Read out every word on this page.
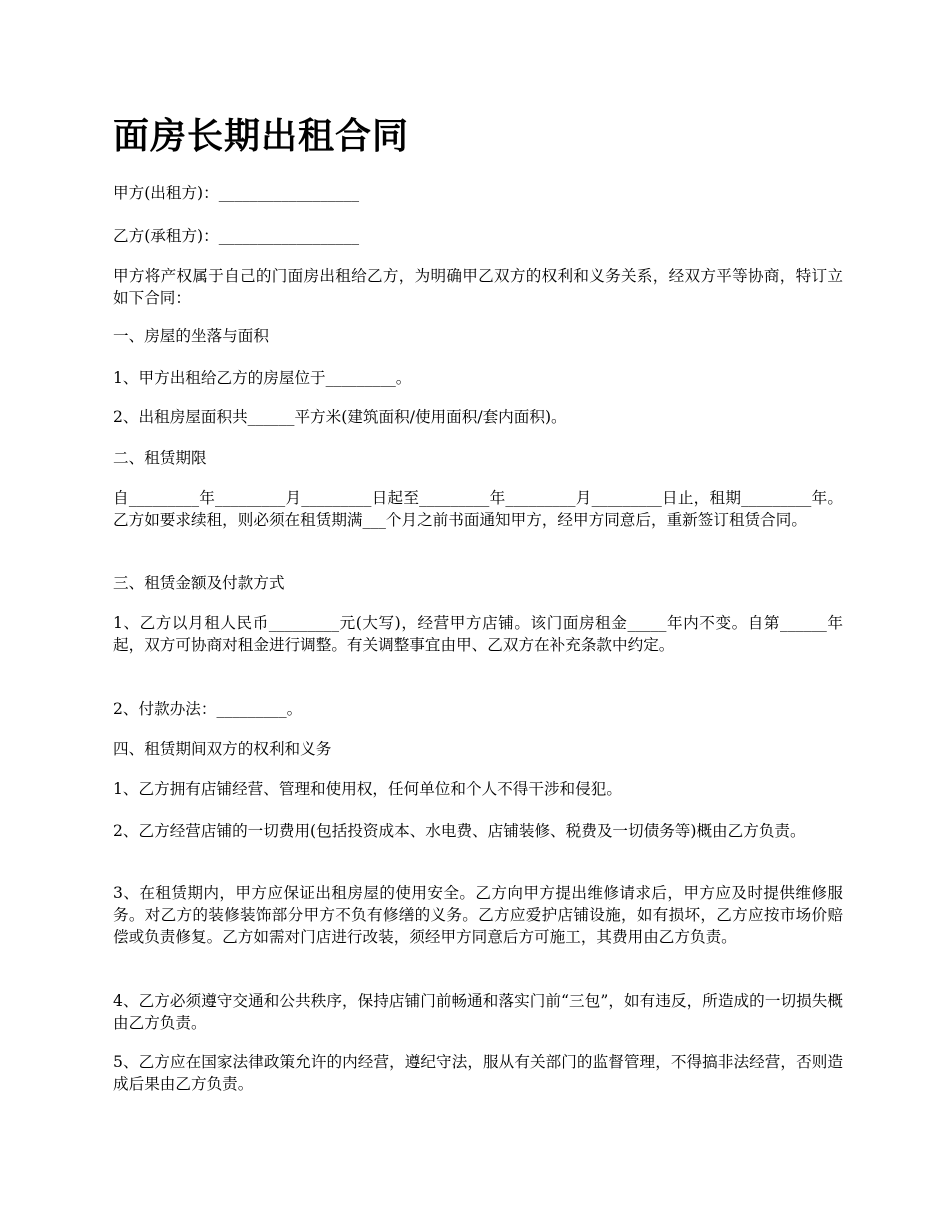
面房长期出租合同

甲方(出租方)：__________________

乙方(承租方)：__________________

甲方将产权属于自己的门面房出租给乙方，为明确甲乙双方的权利和义务关系，经双方平等协商，特订立如下合同：

一、房屋的坐落与面积

1、甲方出租给乙方的房屋位于_________。

2、出租房屋面积共______平方米(建筑面积/使用面积/套内面积)。

二、租赁期限

自_________年_________月_________日起至_________年_________月_________日止，租期_________年。乙方如要求续租，则必须在租赁期满___个月之前书面通知甲方，经甲方同意后，重新签订租赁合同。

三、租赁金额及付款方式

1、乙方以月租人民币_________元(大写)，经营甲方店铺。该门面房租金_____年内不变。自第______年起，双方可协商对租金进行调整。有关调整事宜由甲、乙双方在补充条款中约定。

2、付款办法：_________。

四、租赁期间双方的权利和义务

1、乙方拥有店铺经营、管理和使用权，任何单位和个人不得干涉和侵犯。

2、乙方经营店铺的一切费用(包括投资成本、水电费、店铺装修、税费及一切债务等)概由乙方负责。

3、在租赁期内，甲方应保证出租房屋的使用安全。乙方向甲方提出维修请求后，甲方应及时提供维修服务。对乙方的装修装饰部分甲方不负有修缮的义务。乙方应爱护店铺设施，如有损坏，乙方应按市场价赔偿或负责修复。乙方如需对门店进行改装，须经甲方同意后方可施工，其费用由乙方负责。

4、乙方必须遵守交通和公共秩序，保持店铺门前畅通和落实门前“三包”，如有违反，所造成的一切损失概由乙方负责。

5、乙方应在国家法律政策允许的内经营，遵纪守法，服从有关部门的监督管理，不得搞非法经营，否则造成后果由乙方负责。
